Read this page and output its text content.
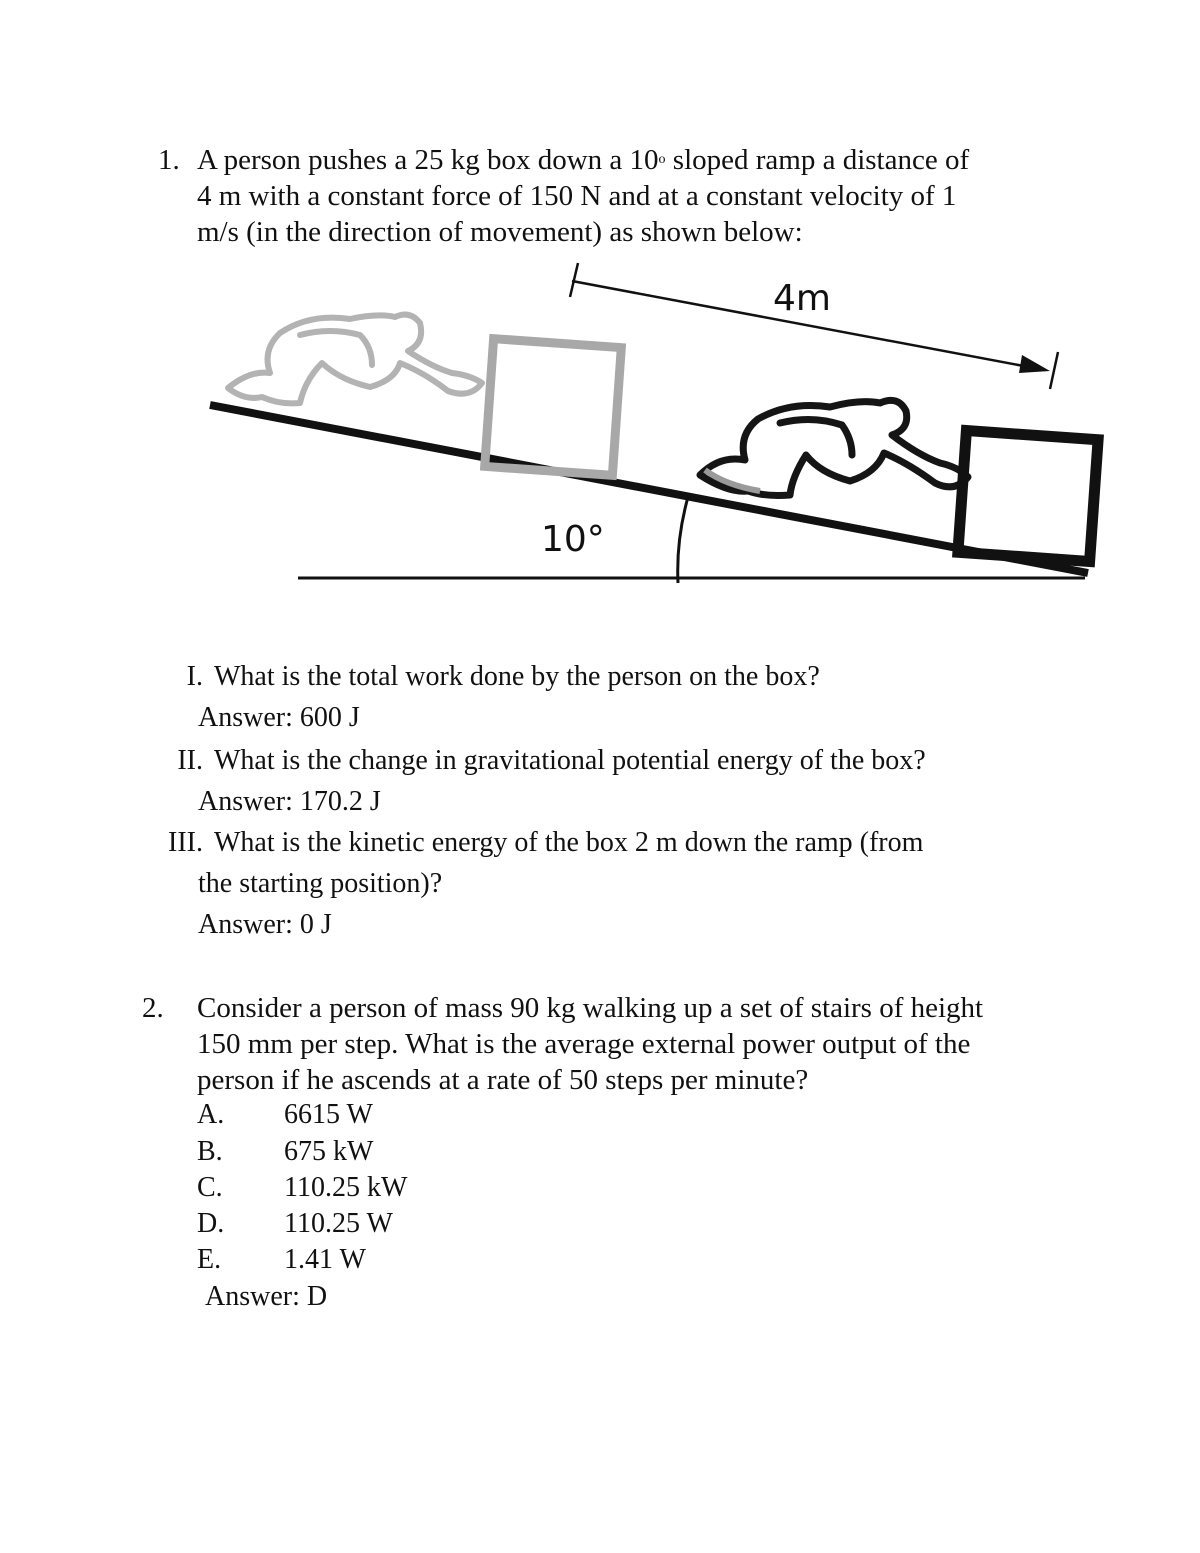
1. A person pushes a 25 kg box down a 10$^o$ sloped ramp a distance of
4 m with a constant force of 150 N and at a constant velocity of 1
m/s (in the direction of movement) as shown below:
10°
4m
I. What is the total work done by the person on the box?
Answer: 600 J
II. What is the change in gravitational potential energy of the box?
Answer: 170.2 J
III. What is the kinetic energy of the box 2 m down the ramp (from
the starting position)?
Answer: 0 J
2. Consider a person of mass 90 kg walking up a set of stairs of height
150 mm per step. What is the average external power output of the
person if he ascends at a rate of 50 steps per minute?
A. 6615 W
B. 675 kW
C. 110.25 kW
D. 110.25 W
E. 1.41 W
Answer: D
